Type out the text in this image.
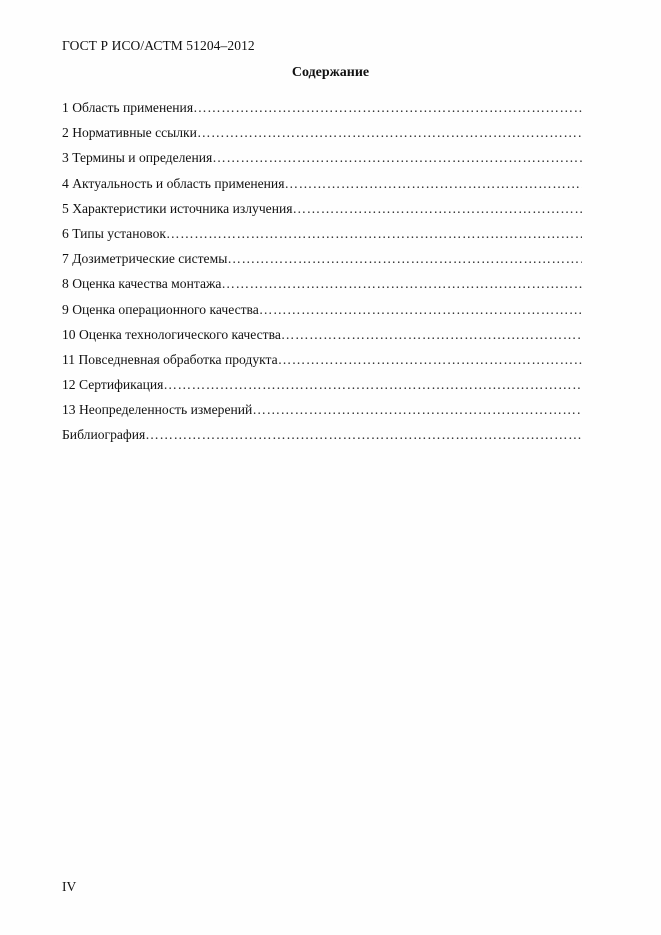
ГОСТ Р ИСО/АСТМ 51204–2012
Содержание
1 Область применения
……………………………………………………………………………………………………………………………………
2 Нормативные ссылки
……………………………………………………………………………………………………………………………………
3 Термины и определения
……………………………………………………………………………………………………………………………………
4 Актуальность и область применения
……………………………………………………………………………………………………………………………………
5 Характеристики источника излучения
……………………………………………………………………………………………………………………………………
6 Типы установок
……………………………………………………………………………………………………………………………………
7 Дозиметрические системы
……………………………………………………………………………………………………………………………………
8 Оценка качества монтажа
……………………………………………………………………………………………………………………………………
9 Оценка операционного качества
……………………………………………………………………………………………………………………………………
10 Оценка технологического качества
……………………………………………………………………………………………………………………………………
11 Повседневная обработка продукта
……………………………………………………………………………………………………………………………………
12 Сертификация
……………………………………………………………………………………………………………………………………
13 Неопределенность измерений
……………………………………………………………………………………………………………………………………
Библиография
……………………………………………………………………………………………………………………………………
IV
